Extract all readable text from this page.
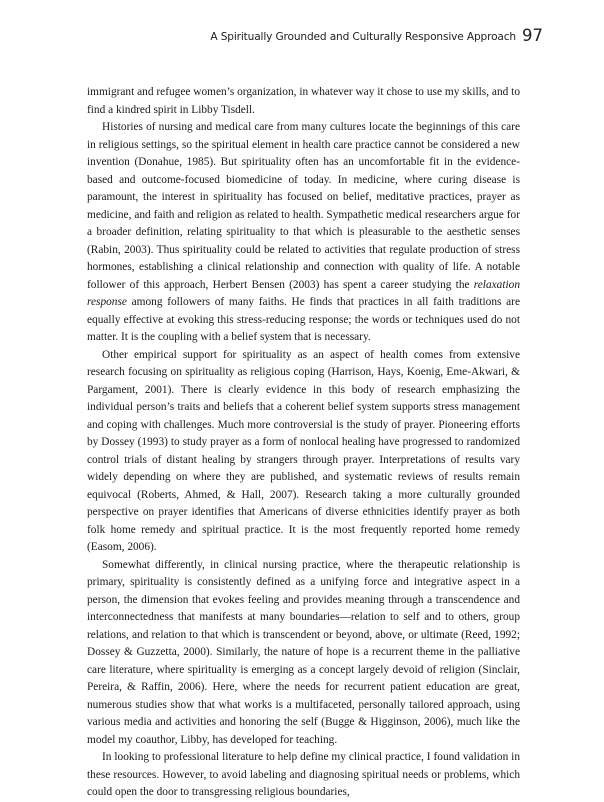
A Spiritually Grounded and Culturally Responsive Approach 97

immigrant and refugee women’s organization, in whatever way it chose to use my skills, and to find a kindred spirit in Libby Tisdell.

Histories of nursing and medical care from many cultures locate the beginnings of this care in religious settings, so the spiritual element in health care practice cannot be considered a new invention (Donahue, 1985). But spirituality often has an uncomfortable fit in the evidence-based and outcome-focused biomedicine of today. In medicine, where curing disease is paramount, the interest in spirituality has focused on belief, meditative practices, prayer as medicine, and faith and religion as related to health. Sympathetic medical researchers argue for a broader definition, relating spirituality to that which is pleasurable to the aesthetic senses (Rabin, 2003). Thus spirituality could be related to activities that regulate production of stress hormones, establishing a clinical relationship and connection with quality of life. A notable follower of this approach, Herbert Bensen (2003) has spent a career studying the relaxation response among followers of many faiths. He finds that practices in all faith traditions are equally effective at evoking this stress-reducing response; the words or techniques used do not matter. It is the coupling with a belief system that is necessary.

Other empirical support for spirituality as an aspect of health comes from extensive research focusing on spirituality as religious coping (Harrison, Hays, Koenig, Eme-Akwari, & Pargament, 2001). There is clearly evidence in this body of research emphasizing the individual person’s traits and beliefs that a coherent belief system supports stress management and coping with challenges. Much more controversial is the study of prayer. Pioneering efforts by Dossey (1993) to study prayer as a form of nonlocal healing have progressed to randomized control trials of distant healing by strangers through prayer. Interpretations of results vary widely depending on where they are published, and systematic reviews of results remain equivocal (Roberts, Ahmed, & Hall, 2007). Research taking a more culturally grounded perspective on prayer identifies that Americans of diverse ethnicities identify prayer as both folk home remedy and spiritual practice. It is the most frequently reported home remedy (Easom, 2006).

Somewhat differently, in clinical nursing practice, where the therapeutic relationship is primary, spirituality is consistently defined as a unifying force and integrative aspect in a person, the dimension that evokes feeling and provides meaning through a transcendence and interconnectedness that manifests at many boundaries—relation to self and to others, group relations, and relation to that which is transcendent or beyond, above, or ultimate (Reed, 1992; Dossey & Guzzetta, 2000). Similarly, the nature of hope is a recurrent theme in the palliative care literature, where spirituality is emerging as a concept largely devoid of religion (Sinclair, Pereira, & Raffin, 2006). Here, where the needs for recurrent patient education are great, numerous studies show that what works is a multifaceted, personally tailored approach, using various media and activities and honoring the self (Bugge & Higginson, 2006), much like the model my coauthor, Libby, has developed for teaching.

In looking to professional literature to help define my clinical practice, I found validation in these resources. However, to avoid labeling and diagnosing spiritual needs or problems, which could open the door to transgressing religious boundaries,
